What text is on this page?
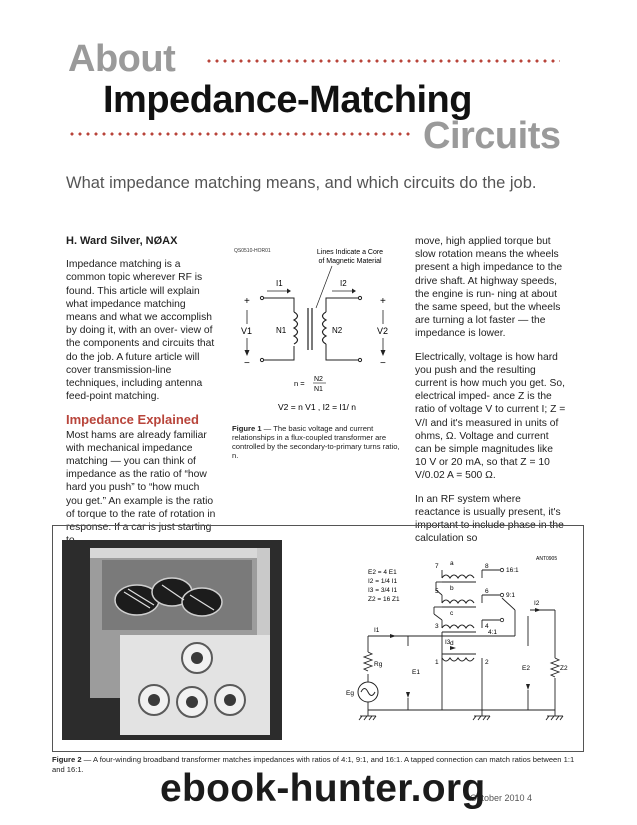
About
Impedance-Matching
Circuits
What impedance matching means, and which circuits do the job.

H. Ward Silver, NØAX

Impedance matching is a common topic wherever RF is found. This article will explain what impedance matching means and what we accomplish by doing it, with an over- view of the components and circuits that do the job. A future article will cover transmission-line techniques, including antenna feed-point matching.

Impedance Explained

Most hams are already familiar with mechanical impedance matching — you can think of impedance as the ratio of “how hard you push” to “how much you get.” An example is the ratio of torque to the rate of rotation in response. If a car is just starting

QS0510-HOR01	Lines Indicate a Core
of Magnetic Material
I1	I2
+
−
+
−
V1	V2
N1	N2
n = N2
N1
V2 = n V1 , I2 = I1/ n
Figure 1 — The basic voltage and current relationships in a flux-coupled transformer are controlled by the secondary-to-primary turns ratio, n.

move, high applied torque but slow rotation means the wheels present a high impedance to the drive shaft. At highway speeds, the engine is run- ning at about the same speed, but the wheels are turning a lot faster — the impedance is lower.

Electrically, voltage is how hard you push and the resulting current is how much you get. So, electrical imped- ance Z is the ratio of voltage V to current I; Z = V/I and it's measured in units of ohms, Ω. Voltage and current can be simple magnitudes like 10 V or 20 mA, so that Z = 10 V/0.02 A = 500 Ω.

In an RF system where reactance is usually present, it's important to include phase in the calculation so

ANT0905
E2 = 4 E1
I2 = 1/4 I1
I3 = 3/4 I1
Z2 = 16 Z1
7	8
5	6
3	4
1	2
a
b
c
d
16:1
9:1
4:1
I1
I2
I3
Rg
Eg
E1
E2	Z2
Figure 2 — A four-winding broadband transformer matches impedances with ratios of 4:1, 9:1, and 16:1. A tapped connection can match ratios between 1:1 and 16:1.
October 2010 4
ebook-hunter.org
